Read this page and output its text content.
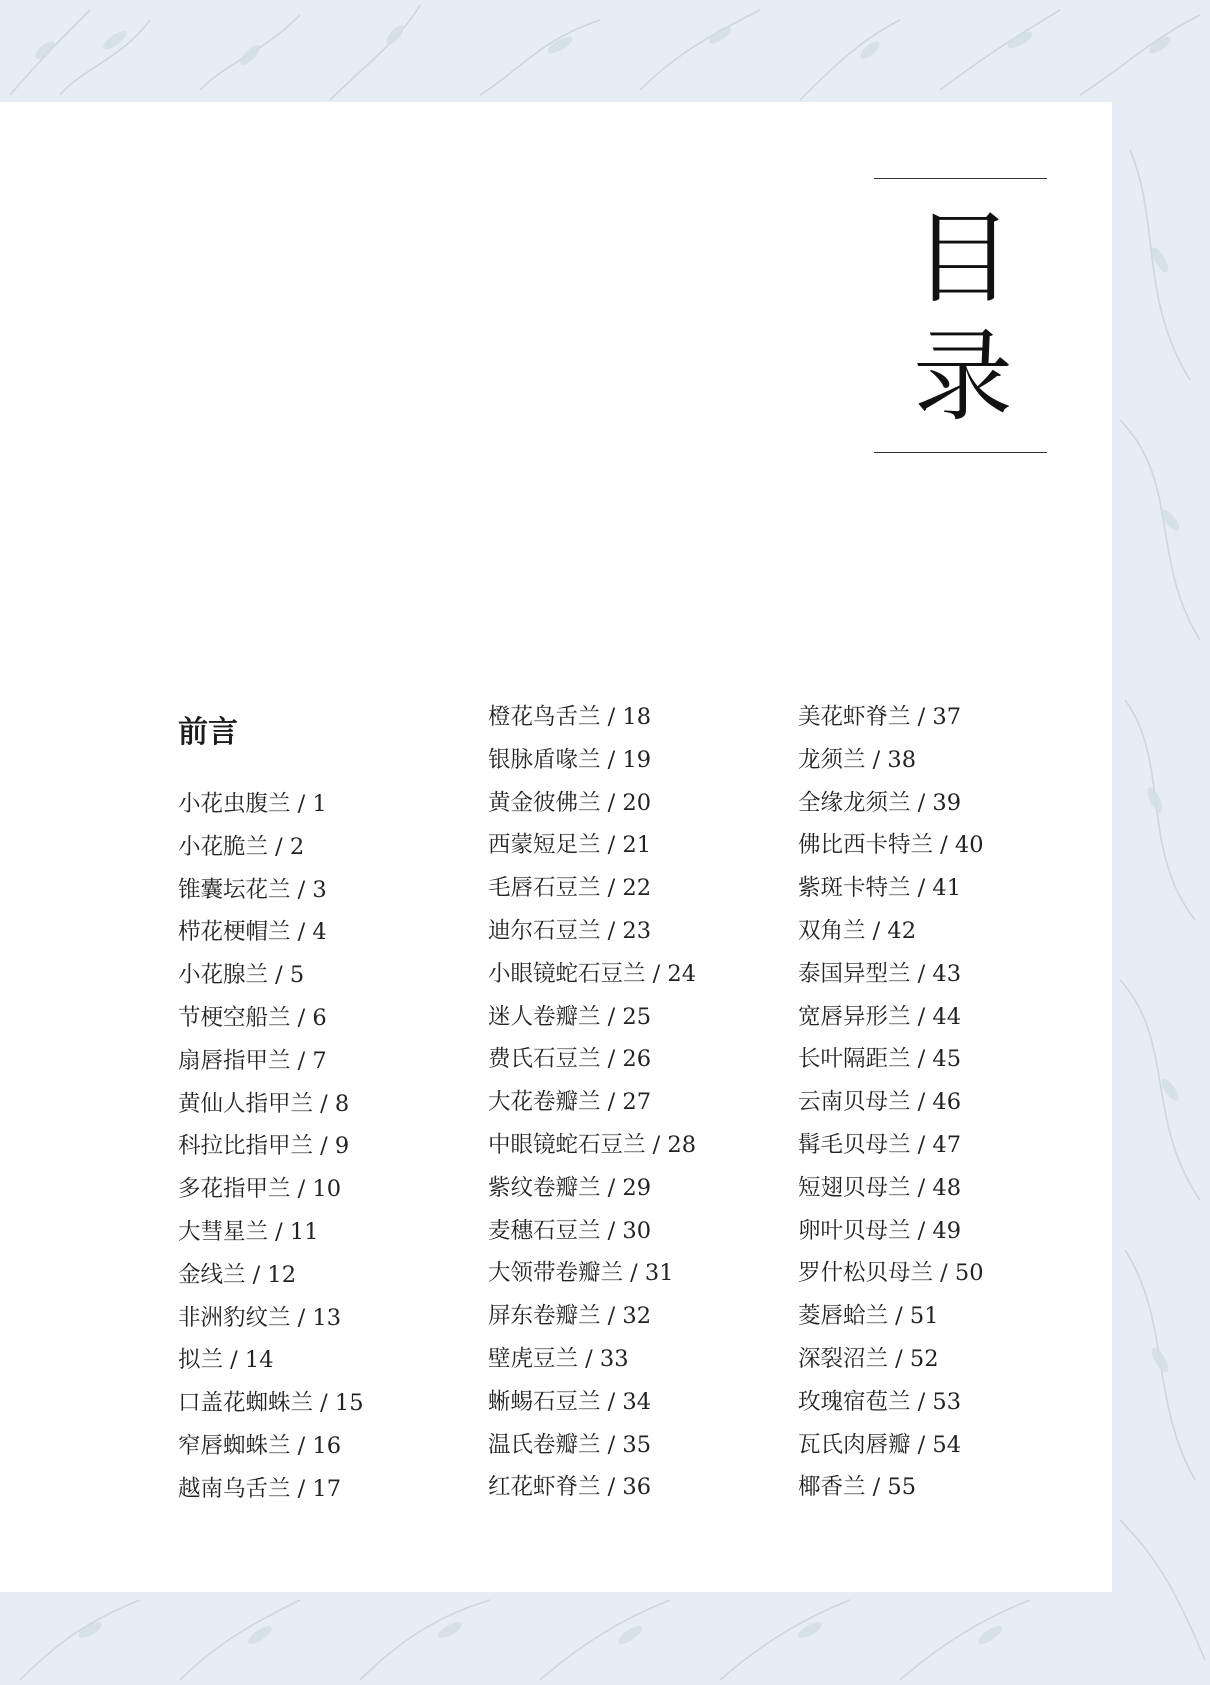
目
录
前言
小花虫腹兰 / 1
小花脆兰 / 2
锥囊坛花兰 / 3
栉花梗帽兰 / 4
小花腺兰 / 5
节梗空船兰 / 6
扇唇指甲兰 / 7
黄仙人指甲兰 / 8
科拉比指甲兰 / 9
多花指甲兰 / 10
大彗星兰 / 11
金线兰 / 12
非洲豹纹兰 / 13
拟兰 / 14
口盖花蜘蛛兰 / 15
窄唇蜘蛛兰 / 16
越南乌舌兰 / 17
橙花鸟舌兰 / 18
银脉盾喙兰 / 19
黄金彼佛兰 / 20
西蒙短足兰 / 21
毛唇石豆兰 / 22
迪尔石豆兰 / 23
小眼镜蛇石豆兰 / 24
迷人卷瓣兰 / 25
费氏石豆兰 / 26
大花卷瓣兰 / 27
中眼镜蛇石豆兰 / 28
紫纹卷瓣兰 / 29
麦穗石豆兰 / 30
大领带卷瓣兰 / 31
屏东卷瓣兰 / 32
壁虎豆兰 / 33
蜥蜴石豆兰 / 34
温氏卷瓣兰 / 35
红花虾脊兰 / 36
美花虾脊兰 / 37
龙须兰 / 38
全缘龙须兰 / 39
佛比西卡特兰 / 40
紫斑卡特兰 / 41
双角兰 / 42
泰国异型兰 / 43
宽唇异形兰 / 44
长叶隔距兰 / 45
云南贝母兰 / 46
髯毛贝母兰 / 47
短翅贝母兰 / 48
卵叶贝母兰 / 49
罗什松贝母兰 / 50
菱唇蛤兰 / 51
深裂沼兰 / 52
玫瑰宿苞兰 / 53
瓦氏肉唇瓣 / 54
椰香兰 / 55
